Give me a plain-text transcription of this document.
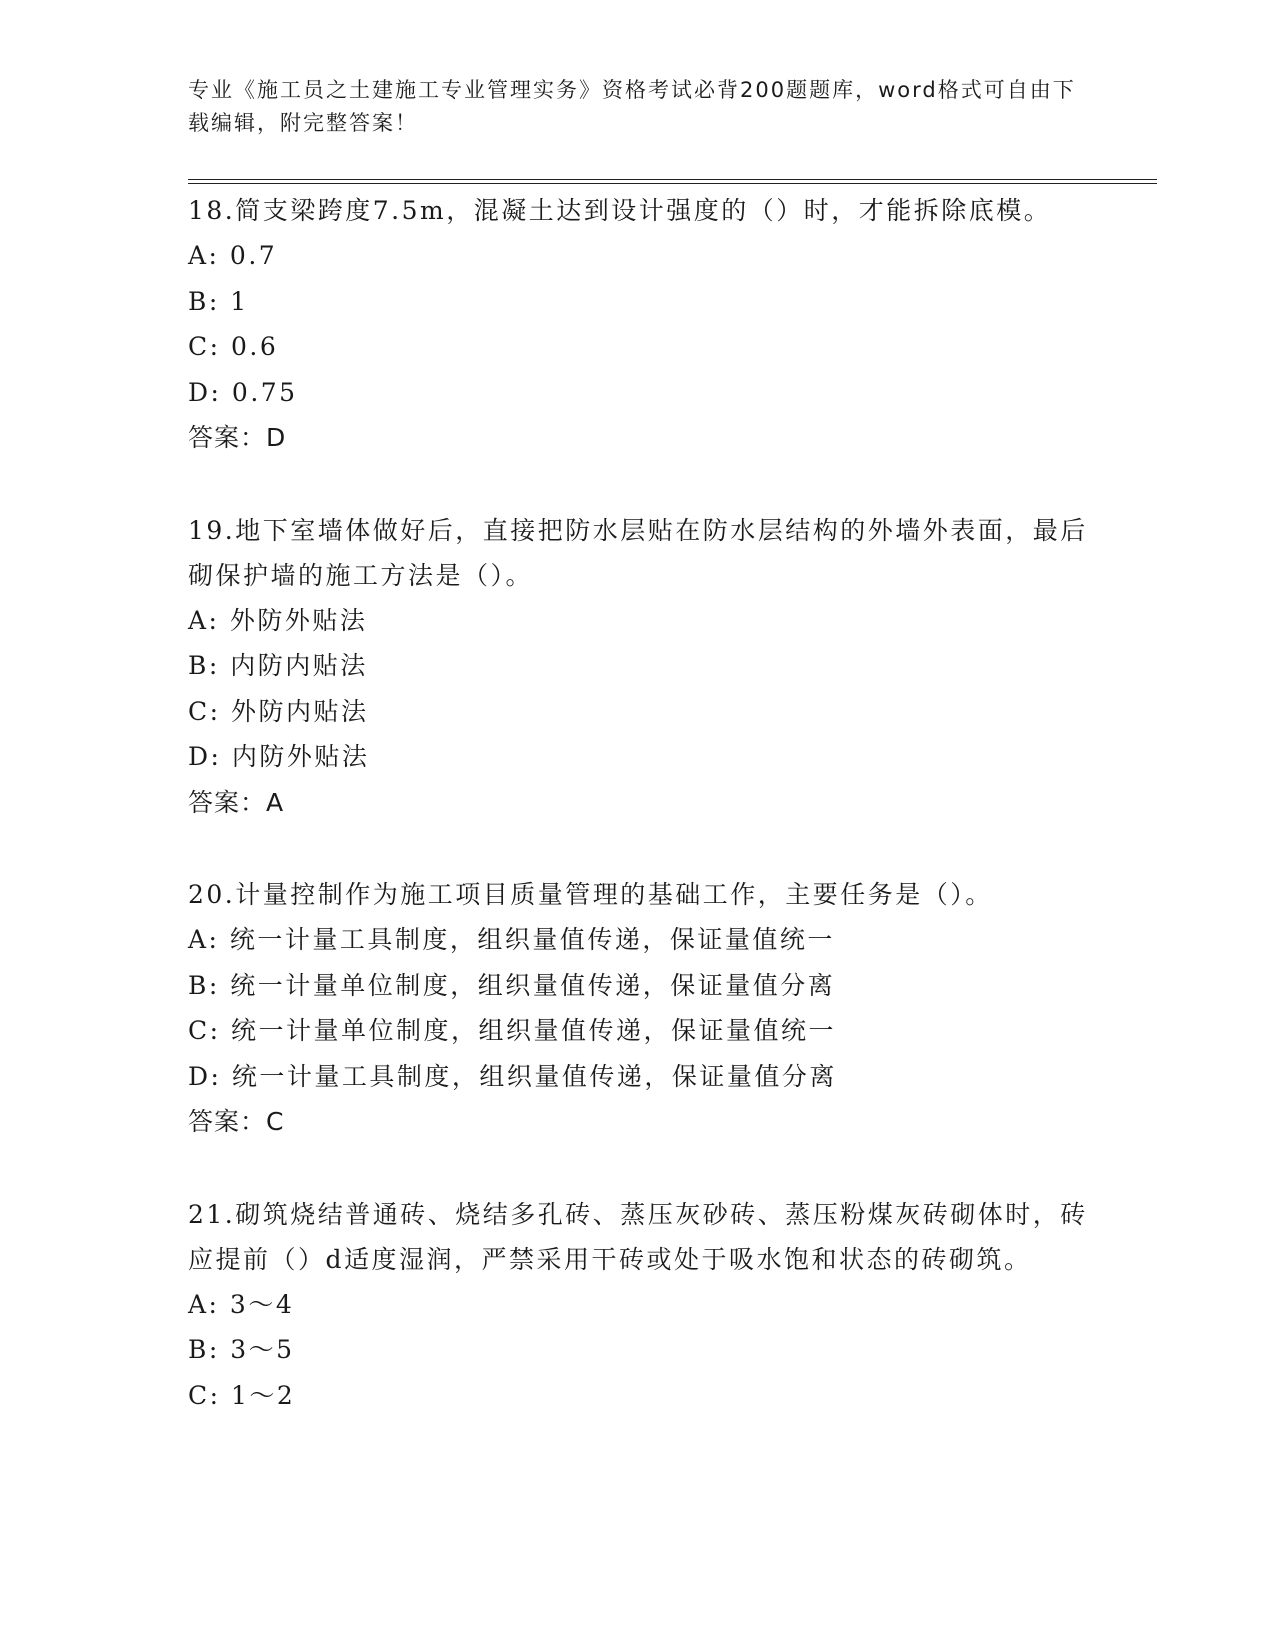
专业《施工员之土建施工专业管理实务》资格考试必背200题题库，word格式可自由下载编辑，附完整答案！
18.简支梁跨度7.5m，混凝土达到设计强度的（）时，才能拆除底模。
A: 0.7
B: 1
C: 0.6
D: 0.75
答案：D
19.地下室墙体做好后，直接把防水层贴在防水层结构的外墙外表面，最后砌保护墙的施工方法是（）。
A: 外防外贴法
B: 内防内贴法
C: 外防内贴法
D: 内防外贴法
答案：A
20.计量控制作为施工项目质量管理的基础工作，主要任务是（）。
A: 统一计量工具制度，组织量值传递，保证量值统一
B: 统一计量单位制度，组织量值传递，保证量值分离
C: 统一计量单位制度，组织量值传递，保证量值统一
D: 统一计量工具制度，组织量值传递，保证量值分离
答案：C
21.砌筑烧结普通砖、烧结多孔砖、蒸压灰砂砖、蒸压粉煤灰砖砌体时，砖应提前（）d适度湿润，严禁采用干砖或处于吸水饱和状态的砖砌筑。
A: 3～4
B: 3～5
C: 1～2
